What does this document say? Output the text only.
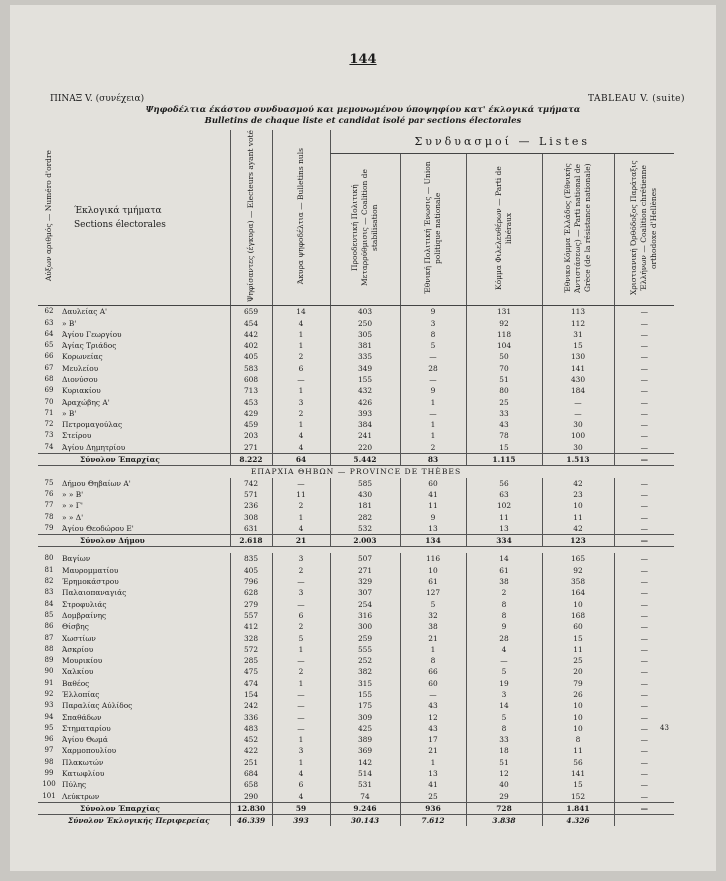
144
ΠΙΝΑΞ V. (συνέχεια)	TABLEAU V. (suite)
Ψηφοδέλτια έκάστου συνδυασμού και μεμονωμένου ύποψηφίου κατ' έκλογικά τμήματα
Bulletins de chaque liste et candidat isolé par sections électorales
Αύξων αριθμός — Numéro d'ordre	Έκλογικά τμήματα
Sections électorales	Ψηφίσαντες (έγκυρα) — Electeurs ayant voté	Άκυρα ψηφοδέλτια — Bulletins nuls	Συνδυασμοί — Listes				
				Προοδευτική Πολιτική Μεταρρύθμισις — Coalition de stabilisation	Έθνική Πολιτική Ένωσις — Union politique nationale	Κόμμα Φιλελευθέρων — Parti de libéraux	Έθνικο Κόμμα Έλλάδος (Έθνικής Άντιστάσεως) — Parti national de Grèce (de la résistance nationale)	Χριστιανική Όρθόδοξος Παράταξις Έλλήνων — Coalition chrétienne orthodoxe d'Hellènes
62	Δαυλείας Α'	659	14	403	9	131	113	—
63	» Β'	454	4	250	3	92	112	—
64	Άγίου Γεωργίου	442	1	305	8	118	31	—
65	Άγίας Τριάδος	402	1	381	5	104	15	—
66	Κορωνείας	405	2	335	—	50	130	—
67	Μευλείου	583	6	349	28	70	141	—
68	Διονύσου	608	—	155	—	51	430	—
69	Κυριακίου	713	1	432	9	80	184	—
70	Άραχώβης Α'	453	3	426	1	25	—	—
71	» Β'	429	2	393	—	33	—	—
72	Πετρομαγούλας	459	1	384	1	43	30	—
73	Στείρου	203	4	241	1	78	100	—
74	Άγίου Δημητρίου	271	4	220	2	15	30	—
	Σύνολον Έπαρχίας	8.222	64	5.442	83	1.115	1.513	—
ΕΠΑΡΧΙΑ ΘΗΒΩΝ — PROVINCE DE THÈBES								
75	Δήμου Θηβαίων Α'	742	—	585	60	56	42	—
76	» » Β'	571	11	430	41	63	23	—
77	» » Γ'	236	2	181	11	102	10	—
78	» » Δ'	308	1	282	9	11	11	—
79	Άγίου Θεοδώρου Ε'	631	4	532	13	13	42	—
	Σύνολον Δήμου	2.618	21	2.003	134	334	123	—

80	Βαγίων	835	3	507	116	14	165	—
81	Μαυρομματίου	405	2	271	10	61	92	—
82	Έρημοκάστρου	796	—	329	61	38	358	—
83	Παλαιοπαναγιάς	628	3	307	127	2	164	—
84	Στροφυλιάς	279	—	254	5	8	10	—
85	Δομβραίνης	557	6	316	32	8	168	—
86	Θίσβης	412	2	300	38	9	60	—
87	Χωστίων	328	5	259	21	28	15	—
88	Άσκρίου	572	1	555	1	4	11	—
89	Μουρικίου	285	—	252	8	—	25	—
90	Χαλκίου	475	2	382	66	5	20	—
91	Βαθέος	474	1	315	60	19	79	—
92	Έλλοπίας	154	—	155	—	3	26	—
93	Παραλίας Αύλίδος	242	—	175	43	14	10	—
94	Σπαθάδων	336	—	309	12	5	10	—
95	Στηματαρίου	483	—	425	43	8	10	—
96	Άγίου Θωμά	452	1	389	17	33	8	—
97	Χαρμοπουλίου	422	3	369	21	18	11	—
98	Πλακωτών	251	1	142	1	51	56	—
99	Κατωφλίου	684	4	514	13	12	141	—
100	Πύλης	658	6	531	41	40	15	—
101	Λεύκτρων	290	4	74	25	29	152	—
	Σύνολον Έπαρχίας	12.830	59	9.246	936	728	1.841	—
	Σύνολον Έκλογικής Περιφερείας	46.339	393	30.143	7.612	3.838	4.326	
43
